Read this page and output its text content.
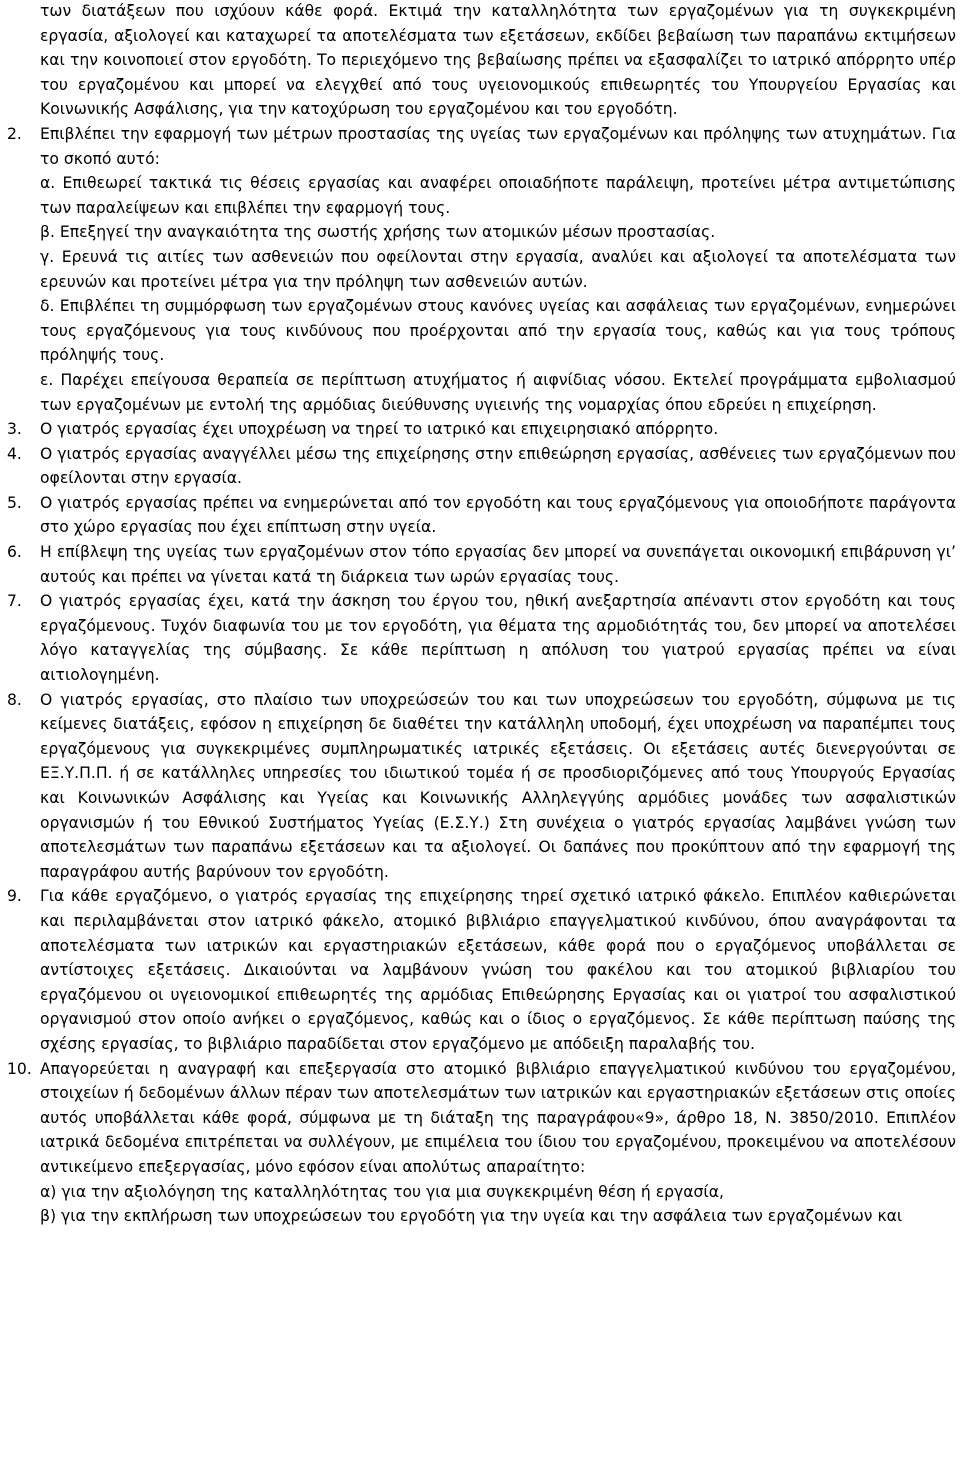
των διατάξεων που ισχύουν κάθε φορά. Εκτιμά την καταλληλότητα των εργαζομένων για τη συγκεκριμένη εργασία, αξιολογεί και καταχωρεί τα αποτελέσματα των εξετάσεων, εκδίδει βεβαίωση των παραπάνω εκτιμήσεων και την κοινοποιεί στον εργοδότη. Το περιεχόμενο της βεβαίωσης πρέπει να εξασφαλίζει το ιατρικό απόρρητο υπέρ του εργαζομένου και μπορεί να ελεγχθεί από τους υγειονομικούς επιθεωρητές του Υπουργείου Εργασίας και Κοινωνικής Ασφάλισης, για την κατοχύρωση του εργαζομένου και του εργοδότη.
2. Επιβλέπει την εφαρμογή των μέτρων προστασίας της υγείας των εργαζομένων και πρόληψης των ατυχημάτων. Για το σκοπό αυτό:
α. Επιθεωρεί τακτικά τις θέσεις εργασίας και αναφέρει οποιαδήποτε παράλειψη, προτείνει μέτρα αντιμετώπισης των παραλείψεων και επιβλέπει την εφαρμογή τους.
β. Επεξηγεί την αναγκαιότητα της σωστής χρήσης των ατομικών μέσων προστασίας.
γ. Ερευνά τις αιτίες των ασθενειών που οφείλονται στην εργασία, αναλύει και αξιολογεί τα αποτελέσματα των ερευνών και προτείνει μέτρα για την πρόληψη των ασθενειών αυτών.
δ. Επιβλέπει τη συμμόρφωση των εργαζομένων στους κανόνες υγείας και ασφάλειας των εργαζομένων, ενημερώνει τους εργαζόμενους για τους κινδύνους που προέρχονται από την εργασία τους, καθώς και για τους τρόπους πρόληψής τους.
ε. Παρέχει επείγουσα θεραπεία σε περίπτωση ατυχήματος ή αιφνίδιας νόσου. Εκτελεί προγράμματα εμβολιασμού των εργαζομένων με εντολή της αρμόδιας διεύθυνσης υγιεινής της νομαρχίας όπου εδρεύει η επιχείρηση.
3. Ο γιατρός εργασίας έχει υποχρέωση να τηρεί το ιατρικό και επιχειρησιακό απόρρητο.
4. Ο γιατρός εργασίας αναγγέλλει μέσω της επιχείρησης στην επιθεώρηση εργασίας, ασθένειες των εργαζόμενων που οφείλονται στην εργασία.
5. Ο γιατρός εργασίας πρέπει να ενημερώνεται από τον εργοδότη και τους εργαζόμενους για οποιοδήποτε παράγοντα στο χώρο εργασίας που έχει επίπτωση στην υγεία.
6. Η επίβλεψη της υγείας των εργαζομένων στον τόπο εργασίας δεν μπορεί να συνεπάγεται οικονομική επιβάρυνση γι’ αυτούς και πρέπει να γίνεται κατά τη διάρκεια των ωρών εργασίας τους.
7. Ο γιατρός εργασίας έχει, κατά την άσκηση του έργου του, ηθική ανεξαρτησία απέναντι στον εργοδότη και τους εργαζόμενους. Τυχόν διαφωνία του με τον εργοδότη, για θέματα της αρμοδιότητάς του, δεν μπορεί να αποτελέσει λόγο καταγγελίας της σύμβασης. Σε κάθε περίπτωση η απόλυση του γιατρού εργασίας πρέπει να είναι αιτιολογημένη.
8. Ο γιατρός εργασίας, στο πλαίσιο των υποχρεώσεών του και των υποχρεώσεων του εργοδότη, σύμφωνα με τις κείμενες διατάξεις, εφόσον η επιχείρηση δε διαθέτει την κατάλληλη υποδομή, έχει υποχρέωση να παραπέμπει τους εργαζόμενους για συγκεκριμένες συμπληρωματικές ιατρικές εξετάσεις. Οι εξετάσεις αυτές διενεργούνται σε ΕΞ.Υ.Π.Π. ή σε κατάλληλες υπηρεσίες του ιδιωτικού τομέα ή σε προσδιοριζόμενες από τους Υπουργούς Εργασίας και Κοινωνικών Ασφάλισης και Υγείας και Κοινωνικής Αλληλεγγύης αρμόδιες μονάδες των ασφαλιστικών οργανισμών ή του Εθνικού Συστήματος Υγείας (Ε.Σ.Υ.) Στη συνέχεια ο γιατρός εργασίας λαμβάνει γνώση των αποτελεσμάτων των παραπάνω εξετάσεων και τα αξιολογεί. Οι δαπάνες που προκύπτουν από την εφαρμογή της παραγράφου αυτής βαρύνουν τον εργοδότη.
9. Για κάθε εργαζόμενο, ο γιατρός εργασίας της επιχείρησης τηρεί σχετικό ιατρικό φάκελο. Επιπλέον καθιερώνεται και περιλαμβάνεται στον ιατρικό φάκελο, ατομικό βιβλιάριο επαγγελματικού κινδύνου, όπου αναγράφονται τα αποτελέσματα των ιατρικών και εργαστηριακών εξετάσεων, κάθε φορά που ο εργαζόμενος υποβάλλεται σε αντίστοιχες εξετάσεις. Δικαιούνται να λαμβάνουν γνώση του φακέλου και του ατομικού βιβλιαρίου του εργαζόμενου οι υγειονομικοί επιθεωρητές της αρμόδιας Επιθεώρησης Εργασίας και οι γιατροί του ασφαλιστικού οργανισμού στον οποίο ανήκει ο εργαζόμενος, καθώς και ο ίδιος ο εργαζόμενος. Σε κάθε περίπτωση παύσης της σχέσης εργασίας, το βιβλιάριο παραδίδεται στον εργαζόμενο με απόδειξη παραλαβής του.
10. Απαγορεύεται η αναγραφή και επεξεργασία στο ατομικό βιβλιάριο επαγγελματικού κινδύνου του εργαζομένου, στοιχείων ή δεδομένων άλλων πέραν των αποτελεσμάτων των ιατρικών και εργαστηριακών εξετάσεων στις οποίες αυτός υποβάλλεται κάθε φορά, σύμφωνα με τη διάταξη της παραγράφου«9», άρθρο 18, Ν. 3850/2010. Επιπλέον ιατρικά δεδομένα επιτρέπεται να συλλέγουν, με επιμέλεια του ίδιου του εργαζομένου, προκειμένου να αποτελέσουν αντικείμενο επεξεργασίας, μόνο εφόσον είναι απολύτως απαραίτητο:
α) για την αξιολόγηση της καταλληλότητας του για μια συγκεκριμένη θέση ή εργασία,
β) για την εκπλήρωση των υποχρεώσεων του εργοδότη για την υγεία και την ασφάλεια των εργαζομένων και
